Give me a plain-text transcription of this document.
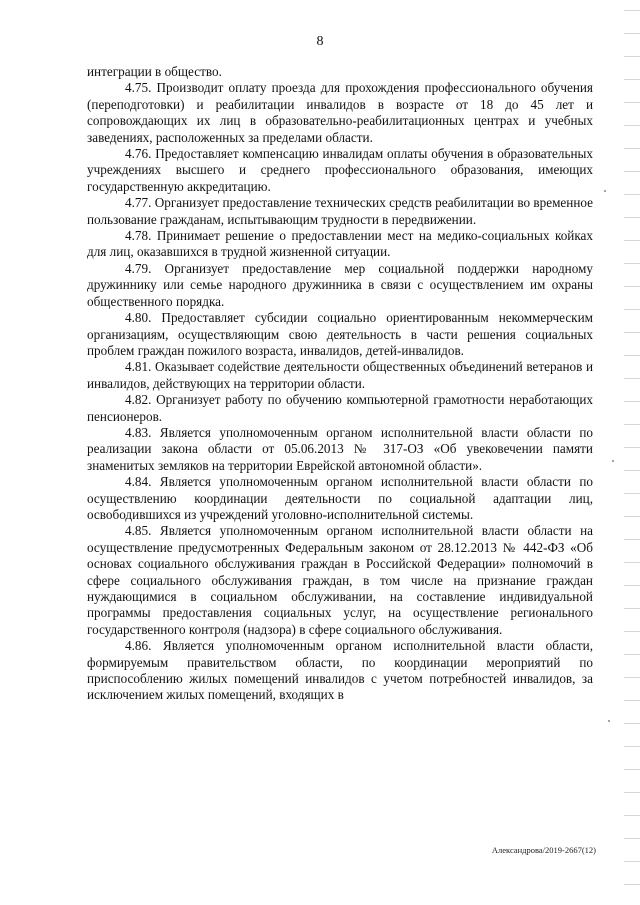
8

интеграции в общество.

4.75. Производит оплату проезда для прохождения профессионального обучения (переподготовки) и реабилитации инвалидов в возрасте от 18 до 45 лет и сопровождающих их лиц в образовательно-реабилитационных центрах и учебных заведениях, расположенных за пределами области.

4.76. Предоставляет компенсацию инвалидам оплаты обучения в образовательных учреждениях высшего и среднего профессионального образования, имеющих государственную аккредитацию.

4.77. Организует предоставление технических средств реабилитации во временное пользование гражданам, испытывающим трудности в передвижении.

4.78. Принимает решение о предоставлении мест на медико-социальных койках для лиц, оказавшихся в трудной жизненной ситуации.

4.79. Организует предоставление мер социальной поддержки народному дружиннику или семье народного дружинника в связи с осуществлением им охраны общественного порядка.

4.80. Предоставляет субсидии социально ориентированным некоммерческим организациям, осуществляющим свою деятельность в части решения социальных проблем граждан пожилого возраста, инвалидов, детей-инвалидов.

4.81. Оказывает содействие деятельности общественных объединений ветеранов и инвалидов, действующих на территории области.

4.82. Организует работу по обучению компьютерной грамотности неработающих пенсионеров.

4.83. Является уполномоченным органом исполнительной власти области по реализации закона области от 05.06.2013 № 317-ОЗ «Об увековечении памяти знаменитых земляков на территории Еврейской автономной области».

4.84. Является уполномоченным органом исполнительной власти области по осуществлению координации деятельности по социальной адаптации лиц, освободившихся из учреждений уголовно-исполнительной системы.

4.85. Является уполномоченным органом исполнительной власти области на осуществление предусмотренных Федеральным законом от 28.12.2013 № 442-ФЗ «Об основах социального обслуживания граждан в Российской Федерации» полномочий в сфере социального обслуживания граждан, в том числе на признание граждан нуждающимися в социальном обслуживании, на составление индивидуальной программы предоставления социальных услуг, на осуществление регионального государственного контроля (надзора) в сфере социального обслуживания.

4.86. Является уполномоченным органом исполнительной власти области, формируемым правительством области, по координации мероприятий по приспособлению жилых помещений инвалидов с учетом потребностей инвалидов, за исключением жилых помещений, входящих в

Александрова/2019-2667(12)
